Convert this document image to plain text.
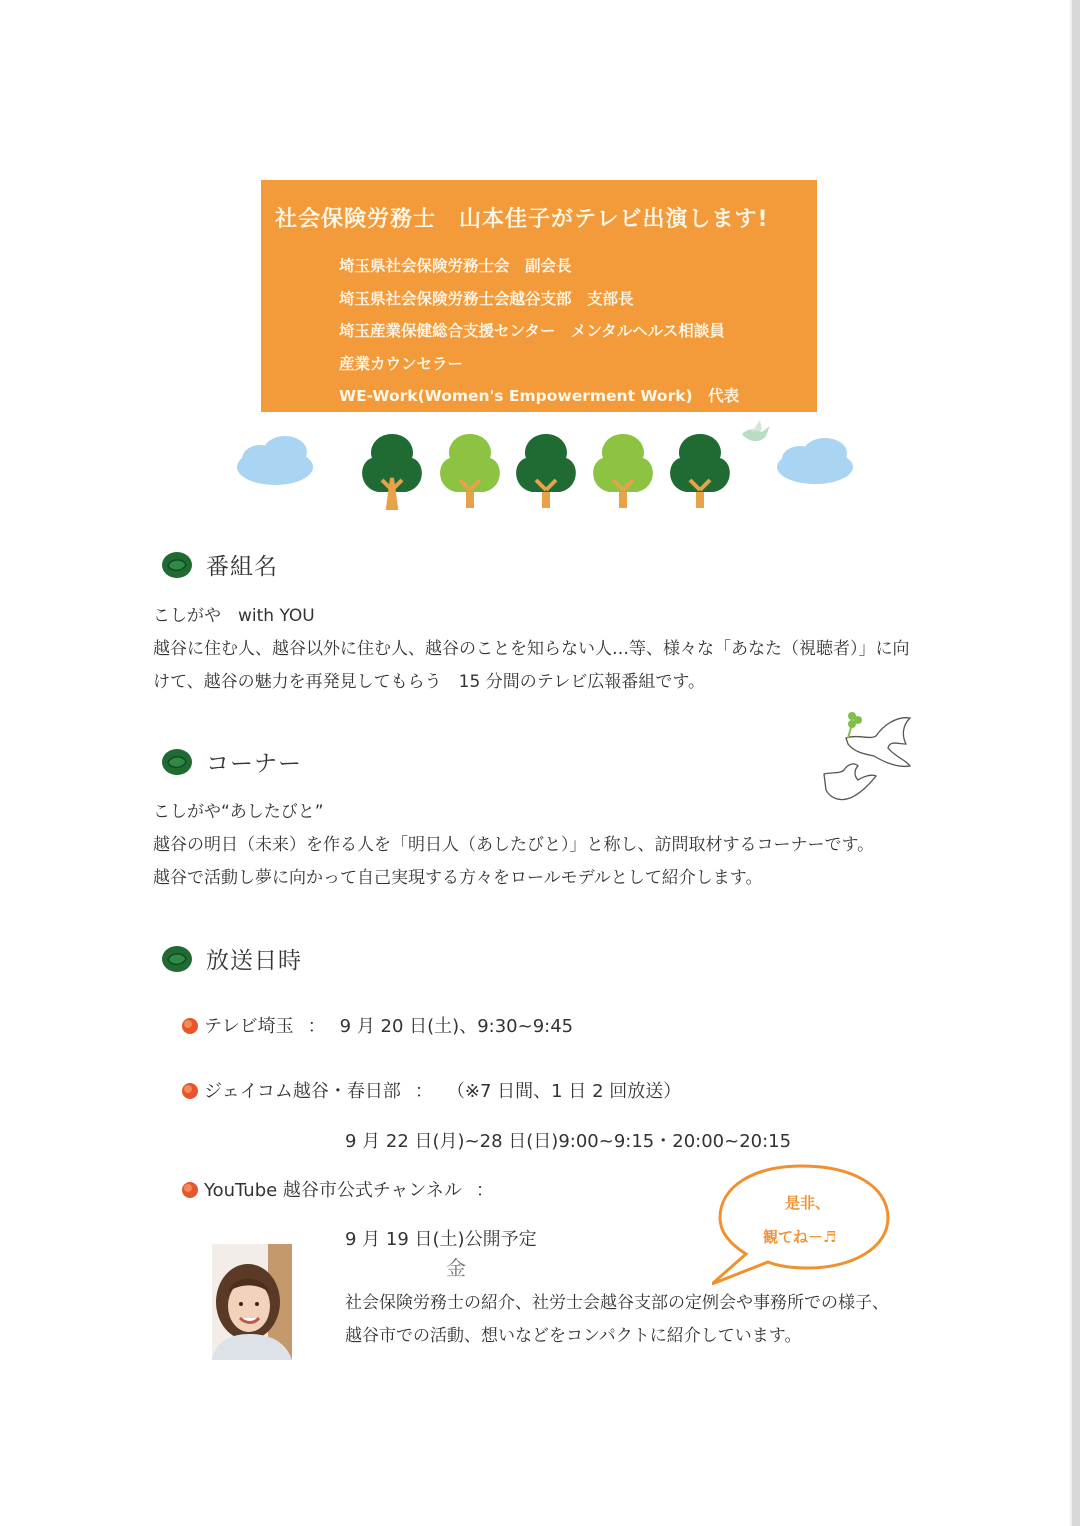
社会保険労務士　山本佳子がテレビ出演します!
埼玉県社会保険労務士会　副会長
埼玉県社会保険労務士会越谷支部　支部長
埼玉産業保健総合支援センター　メンタルヘルス相談員
産業カウンセラー
WE-Work(Women's Empowerment Work)　代表
番組名
こしがや　with YOU
越谷に住む人、越谷以外に住む人、越谷のことを知らない人…等、様々な「あなた（視聴者）」に向
けて、越谷の魅力を再発見してもらう　15 分間のテレビ広報番組です。
コーナー
こしがや“あしたびと”
越谷の明日（未来）を作る人を「明日人（あしたびと）」と称し、訪問取材するコーナーです。
越谷で活動し夢に向かって自己実現する方々をロールモデルとして紹介します。
放送日時
テレビ埼玉 ： 9 月 20 日(土)、9:30~9:45
ジェイコム越谷・春日部 ： （※7 日間、1 日 2 回放送）
9 月 22 日(月)~28 日(日)9:00~9:15・20:00~20:15
YouTube 越谷市公式チャンネル ：
9 月 19 日(土)公開予定
金
是非、
観てね－♬
社会保険労務士の紹介、社労士会越谷支部の定例会や事務所での様子、
越谷市での活動、想いなどをコンパクトに紹介しています。
